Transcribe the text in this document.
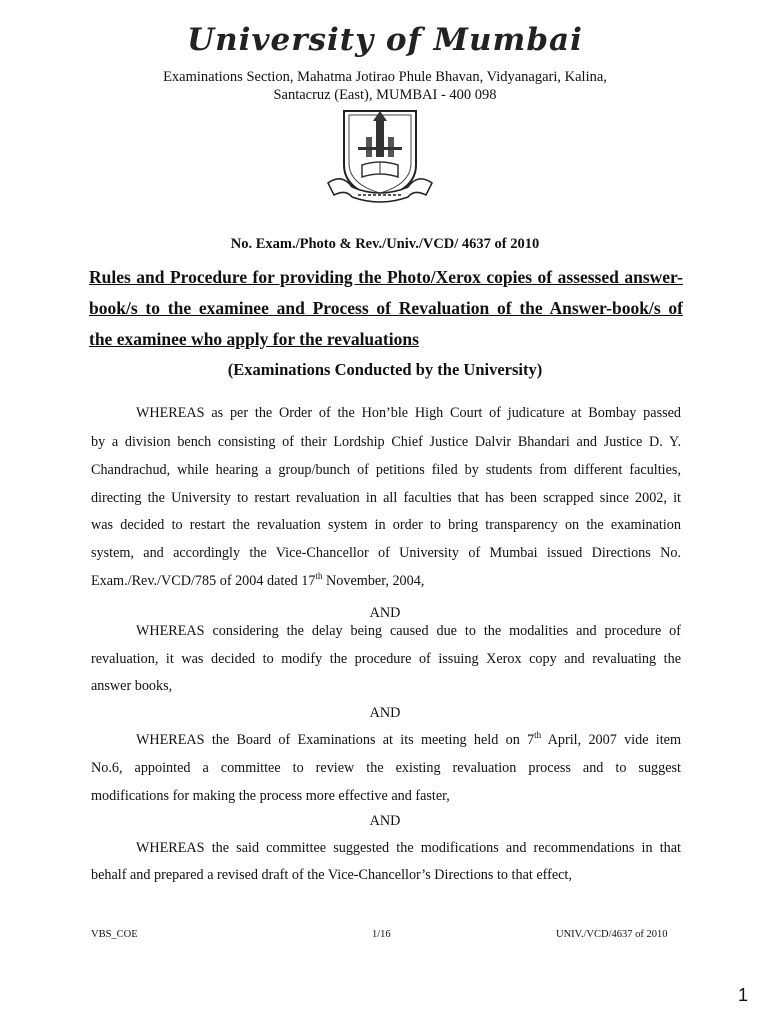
University of Mumbai
Examinations Section, Mahatma Jotirao Phule Bhavan, Vidyanagari, Kalina,
Santacruz (East), MUMBAI - 400 098
No. Exam./Photo & Rev./Univ./VCD/ 4637 of 2010
Rules and Procedure for providing the Photo/Xerox copies of assessed answer-
book/s to the examinee and Process of Revaluation of the Answer-book/s of
the examinee who apply for the revaluations
(Examinations Conducted by the University)
WHEREAS as per the Order of the Hon’ble High Court of judicature at Bombay passed
by a division bench consisting of their Lordship Chief Justice Dalvir Bhandari and Justice D. Y.
Chandrachud, while hearing a group/bunch of petitions filed by students from different faculties,
directing the University to restart revaluation in all faculties that has been scrapped since 2002, it
was decided to restart the revaluation system in order to bring transparency on the examination
system, and accordingly the Vice-Chancellor of University of Mumbai issued Directions No.
Exam./Rev./VCD/785 of 2004 dated 17th November, 2004,
AND
WHEREAS considering the delay being caused due to the modalities and procedure of
revaluation, it was decided to modify the procedure of issuing Xerox copy and revaluating the
answer books,
AND
WHEREAS the Board of Examinations at its meeting held on 7th April, 2007 vide item
No.6, appointed a committee to review the existing revaluation process and to suggest
modifications for making the process more effective and faster,
AND
WHEREAS the said committee suggested the modifications and recommendations in that
behalf and prepared a revised draft of the Vice-Chancellor’s Directions to that effect,
VBS_COE	1/16	UNIV./VCD/4637 of 2010
1
